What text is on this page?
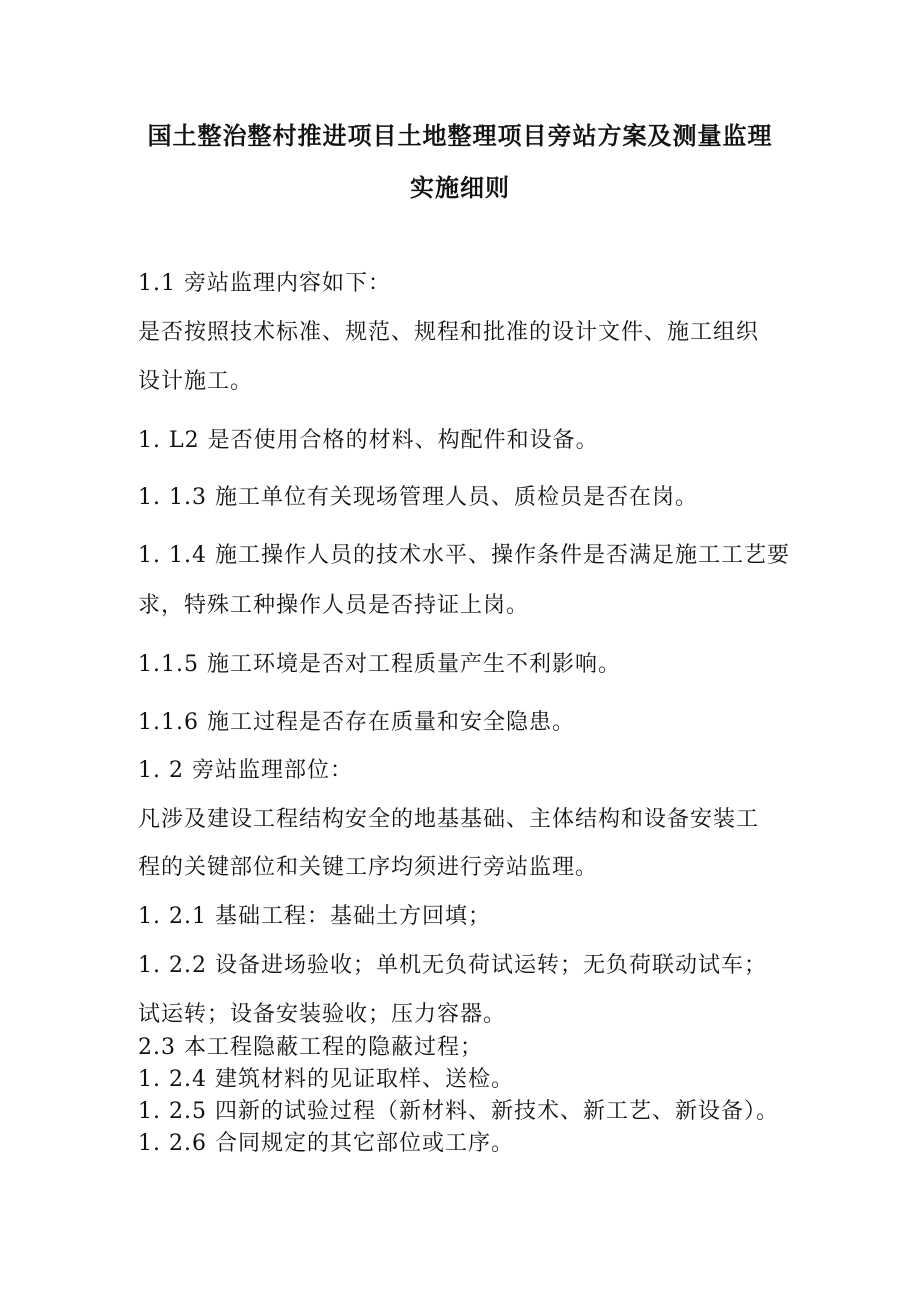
国土整治整村推进项目土地整理项目旁站方案及测量监理
实施细则
1.1 旁站监理内容如下：
是否按照技术标准、规范、规程和批准的设计文件、施工组织
设计施工。
1. L2 是否使用合格的材料、构配件和设备。
1. 1.3 施工单位有关现场管理人员、质检员是否在岗。
1. 1.4 施工操作人员的技术水平、操作条件是否满足施工工艺要
求，特殊工种操作人员是否持证上岗。
1.1.5 施工环境是否对工程质量产生不利影响。
1.1.6 施工过程是否存在质量和安全隐患。
1. 2 旁站监理部位：
凡涉及建设工程结构安全的地基基础、主体结构和设备安装工
程的关键部位和关键工序均须进行旁站监理。
1. 2.1 基础工程：基础土方回填；
1. 2.2 设备进场验收；单机无负荷试运转；无负荷联动试车；
试运转；设备安装验收；压力容器。
2.3 本工程隐蔽工程的隐蔽过程；
1. 2.4 建筑材料的见证取样、送检。
1. 2.5 四新的试验过程（新材料、新技术、新工艺、新设备）。
1. 2.6 合同规定的其它部位或工序。
